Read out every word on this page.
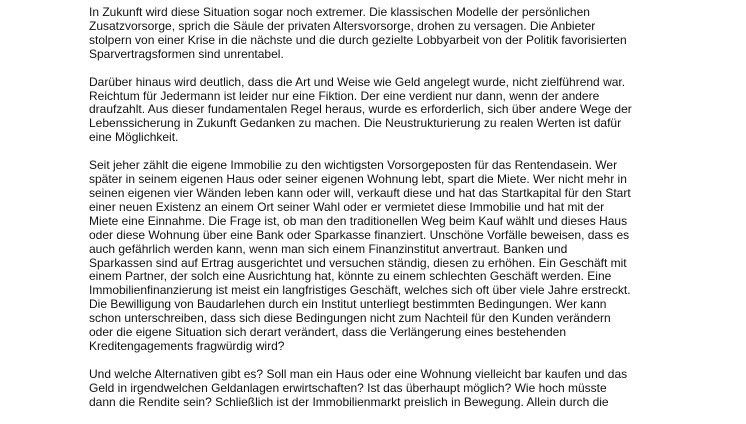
In Zukunft wird diese Situation sogar noch extremer. Die klassischen Modelle der persönlichen
Zusatzvorsorge, sprich die Säule der privaten Altersvorsorge, drohen zu versagen. Die Anbieter
stolpern von einer Krise in die nächste und die durch gezielte Lobbyarbeit von der Politik favorisierten
Sparvertragsformen sind unrentabel.

Darüber hinaus wird deutlich, dass die Art und Weise wie Geld angelegt wurde, nicht zielführend war.
Reichtum für Jedermann ist leider nur eine Fiktion. Der eine verdient nur dann, wenn der andere
draufzahlt. Aus dieser fundamentalen Regel heraus, wurde es erforderlich, sich über andere Wege der
Lebenssicherung in Zukunft Gedanken zu machen. Die Neustrukturierung zu realen Werten ist dafür
eine Möglichkeit.

Seit jeher zählt die eigene Immobilie zu den wichtigsten Vorsorgeposten für das Rentendasein. Wer
später in seinem eigenen Haus oder seiner eigenen Wohnung lebt, spart die Miete. Wer nicht mehr in
seinen eigenen vier Wänden leben kann oder will, verkauft diese und hat das Startkapital für den Start
einer neuen Existenz an einem Ort seiner Wahl oder er vermietet diese Immobilie und hat mit der
Miete eine Einnahme. Die Frage ist, ob man den traditionellen Weg beim Kauf wählt und dieses Haus
oder diese Wohnung über eine Bank oder Sparkasse finanziert. Unschöne Vorfälle beweisen, dass es
auch gefährlich werden kann, wenn man sich einem Finanzinstitut anvertraut. Banken und
Sparkassen sind auf Ertrag ausgerichtet und versuchen ständig, diesen zu erhöhen. Ein Geschäft mit
einem Partner, der solch eine Ausrichtung hat, könnte zu einem schlechten Geschäft werden. Eine
Immobilienfinanzierung ist meist ein langfristiges Geschäft, welches sich oft über viele Jahre erstreckt.
Die Bewilligung von Baudarlehen durch ein Institut unterliegt bestimmten Bedingungen. Wer kann
schon unterschreiben, dass sich diese Bedingungen nicht zum Nachteil für den Kunden verändern
oder die eigene Situation sich derart verändert, dass die Verlängerung eines bestehenden
Kreditengagements fragwürdig wird?

Und welche Alternativen gibt es? Soll man ein Haus oder eine Wohnung vielleicht bar kaufen und das
Geld in irgendwelchen Geldanlagen erwirtschaften? Ist das überhaupt möglich? Wie hoch müsste
dann die Rendite sein? Schließlich ist der Immobilienmarkt preislich in Bewegung. Allein durch die
